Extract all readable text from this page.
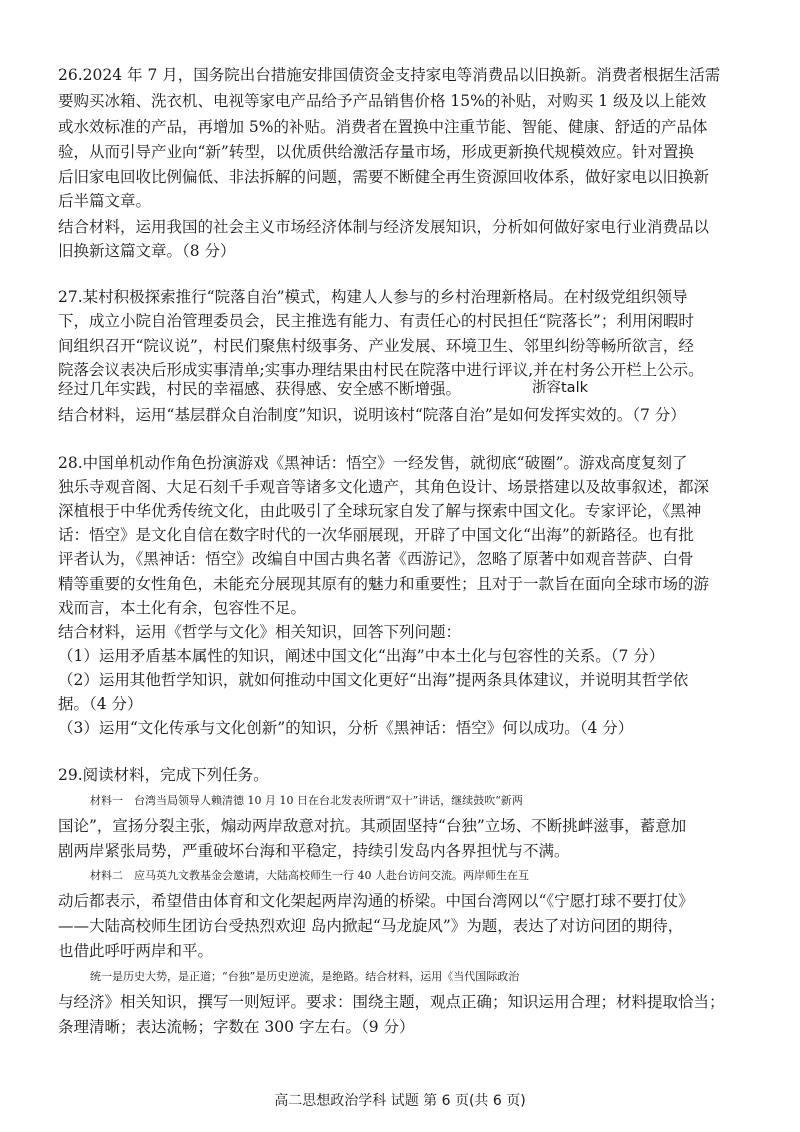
26.2024 年 7 月，国务院出台措施安排国债资金支持家电等消费品以旧换新。消费者根据生活需
要购买冰箱、洗衣机、电视等家电产品给予产品销售价格 15%的补贴，对购买 1 级及以上能效
或水效标准的产品，再增加 5%的补贴。消费者在置换中注重节能、智能、健康、舒适的产品体
验，从而引导产业向“新”转型，以优质供给激活存量市场，形成更新换代规模效应。针对置换
后旧家电回收比例偏低、非法拆解的问题，需要不断健全再生资源回收体系，做好家电以旧换新
后半篇文章。
结合材料，运用我国的社会主义市场经济体制与经济发展知识，分析如何做好家电行业消费品以
旧换新这篇文章。（8 分）
27.某村积极探索推行“院落自治”模式，构建人人参与的乡村治理新格局。在村级党组织领导
下，成立小院自治管理委员会，民主推选有能力、有责任心的村民担任“院落长”；利用闲暇时
间组织召开“院议说”，村民们聚焦村级事务、产业发展、环境卫生、邻里纠纷等畅所欲言，经
院落会议表决后形成实事清单;实事办理结果由村民在院落中进行评议,并在村务公开栏上公示。
经过几年实践，村民的幸福感、获得感、安全感不断增强。	浙容talk
结合材料，运用“基层群众自治制度”知识，说明该村“院落自治”是如何发挥实效的。（7 分）
28.中国单机动作角色扮演游戏《黑神话：悟空》一经发售，就彻底“破圈”。游戏高度复刻了
独乐寺观音阁、大足石刻千手观音等诸多文化遗产，其角色设计、场景搭建以及故事叙述，都深
深植根于中华优秀传统文化，由此吸引了全球玩家自发了解与探索中国文化。专家评论，《黑神
话：悟空》是文化自信在数字时代的一次华丽展现，开辟了中国文化“出海”的新路径。也有批
评者认为，《黑神话：悟空》改编自中国古典名著《西游记》，忽略了原著中如观音菩萨、白骨
精等重要的女性角色，未能充分展现其原有的魅力和重要性；且对于一款旨在面向全球市场的游
戏而言，本土化有余，包容性不足。
结合材料，运用《哲学与文化》相关知识，回答下列问题：
（1）运用矛盾基本属性的知识，阐述中国文化“出海”中本土化与包容性的关系。（7 分）
（2）运用其他哲学知识，就如何推动中国文化更好“出海”提两条具体建议，并说明其哲学依
据。（4 分）
（3）运用“文化传承与文化创新”的知识，分析《黑神话：悟空》何以成功。（4 分）
29.阅读材料，完成下列任务。
材料一　台湾当局领导人赖清德 10 月 10 日在台北发表所谓“双十”讲话，继续鼓吹“新两
国论”，宣扬分裂主张，煽动两岸敌意对抗。其顽固坚持“台独”立场、不断挑衅滋事，蓄意加
剧两岸紧张局势，严重破坏台海和平稳定，持续引发岛内各界担忧与不满。
材料二　应马英九文教基金会邀请，大陆高校师生一行 40 人赴台访问交流。两岸师生在互
动后都表示，希望借由体育和文化架起两岸沟通的桥梁。中国台湾网以“《宁愿打球不要打仗》
——大陆高校师生团访台受热烈欢迎 岛内掀起“马龙旋风”》为题，表达了对访问团的期待，
也借此呼吁两岸和平。
统一是历史大势，是正道；“台独”是历史逆流，是绝路。结合材料，运用《当代国际政治
与经济》相关知识，撰写一则短评。要求：围绕主题，观点正确；知识运用合理；材料提取恰当；
条理清晰；表达流畅；字数在 300 字左右。（9 分）
高二思想政治学科 试题 第 6 页(共 6 页)
